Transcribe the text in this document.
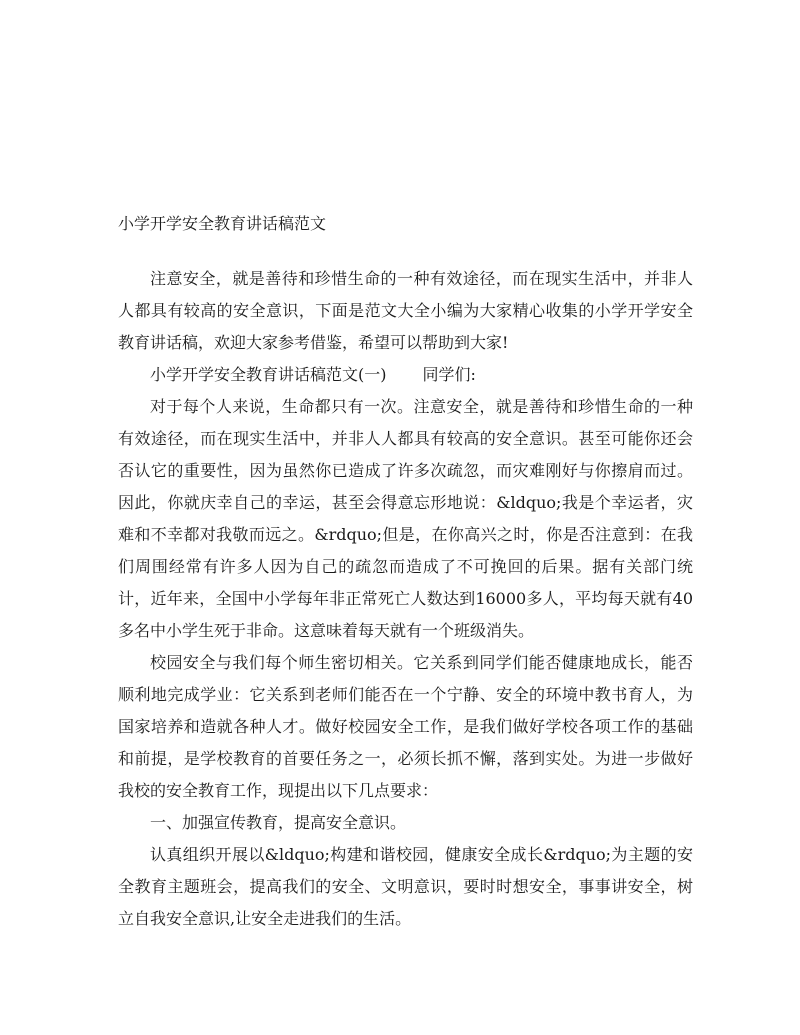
小学开学安全教育讲话稿范文

注意安全，就是善待和珍惜生命的一种有效途径，而在现实生活中，并非人人都具有较高的安全意识，下面是范文大全小编为大家精心收集的小学开学安全教育讲话稿，欢迎大家参考借鉴，希望可以帮助到大家!

小学开学安全教育讲话稿范文(一) 同学们:

对于每个人来说，生命都只有一次。注意安全，就是善待和珍惜生命的一种有效途径，而在现实生活中，并非人人都具有较高的安全意识。甚至可能你还会否认它的重要性，因为虽然你已造成了许多次疏忽，而灾难刚好与你擦肩而过。因此，你就庆幸自己的幸运，甚至会得意忘形地说：&ldquo;我是个幸运者，灾难和不幸都对我敬而远之。&rdquo;但是，在你高兴之时，你是否注意到：在我们周围经常有许多人因为自己的疏忽而造成了不可挽回的后果。据有关部门统计，近年来，全国中小学每年非正常死亡人数达到16000多人，平均每天就有40多名中小学生死于非命。这意味着每天就有一个班级消失。

校园安全与我们每个师生密切相关。它关系到同学们能否健康地成长，能否顺利地完成学业：它关系到老师们能否在一个宁静、安全的环境中教书育人，为国家培养和造就各种人才。做好校园安全工作，是我们做好学校各项工作的基础和前提，是学校教育的首要任务之一，必须长抓不懈，落到实处。为进一步做好我校的安全教育工作，现提出以下几点要求：

一、加强宣传教育，提高安全意识。

认真组织开展以&ldquo;构建和谐校园，健康安全成长&rdquo;为主题的安全教育主题班会，提高我们的安全、文明意识，要时时想安全，事事讲安全，树立自我安全意识,让安全走进我们的生活。
